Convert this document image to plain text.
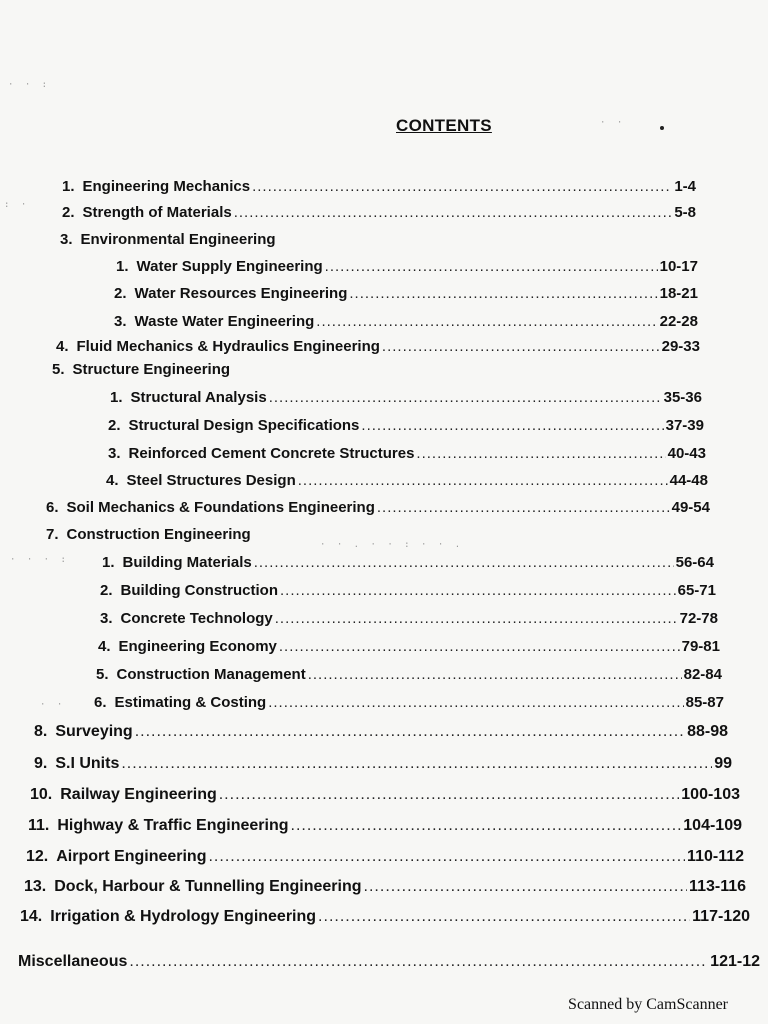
· · :
· ·
: ·
· · · :
· · . · · : · · .
· ·
CONTENTS
1. Engineering Mechanics .....	1-4
2. Strength of Materials .....	5-8
3. Environmental Engineering
1. Water Supply Engineering .....	10-17
2. Water Resources Engineering .....	18-21
3. Waste Water Engineering .....	22-28
4. Fluid Mechanics & Hydraulics Engineering .....	29-33
5. Structure Engineering
1. Structural Analysis .....	35-36
2. Structural Design Specifications .....	37-39
3. Reinforced Cement Concrete Structures .....	40-43
4. Steel Structures Design .....	44-48
6. Soil Mechanics & Foundations Engineering .....	49-54
7. Construction Engineering
1. Building Materials .....	56-64
2. Building Construction .....	65-71
3. Concrete Technology .....	72-78
4. Engineering Economy .....	79-81
5. Construction Management .....	82-84
6. Estimating & Costing .....	85-87
8. Surveying .....	88-98
9. S.I Units .....	99
10. Railway Engineering .....	100-103
11. Highway & Traffic Engineering .....	104-109
12. Airport Engineering .....	110-112
13. Dock, Harbour & Tunnelling Engineering .....	113-116
14. Irrigation & Hydrology Engineering .....	117-120
Miscellaneous .....	121-12
Scanned by CamScanner
